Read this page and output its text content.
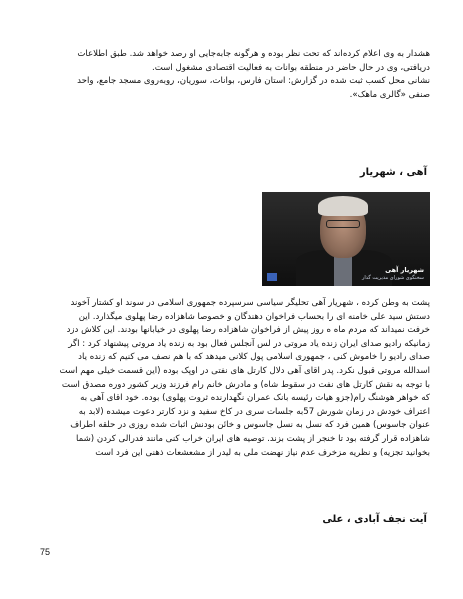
هشدار به وی اعلام کرده‌اند که تحت نظر بوده و هرگونه جابه‌جایی او رصد خواهد شد. طبق اطلاعات
دریافتی، وی در حال حاضر در منطقه بوانات به فعالیت اقتصادی مشغول است.
نشانی محل کسب ثبت شده در گزارش: استان فارس، بوانات، سوریان، روبه‌روی مسجد جامع، واحد
صنفی «گالری ماهک».
آهی ، شهریار
شهریار آهی
سخنگوی شورای مدیریت گذار
پشت به وطن کرده ، شهریار آهی تحلیگر سیاسی سرسپرده جمهوری اسلامی در سوند او کشتار آخوند
دستش سید علی خامنه ای را بحساب فراخوان دهندگان و خصوصا شاهزاده رضا پهلوی میگذارد. این
خرفت نمیداند که مردم ماه ه روز پیش از فراخوان شاهزاده رضا پهلوی در خیابانها بودند. این کلاش دزد
زمانیکه رادیو صدای ایران زنده یاد مروتی در لس آنجلس فعال بود به زنده یاد مروتی پیشنهاد کرد : اگر
صدای رادیو را خاموش کنی ، جمهوری اسلامی پول کلانی میدهد که با هم نصف می کنیم که زنده یاد
اسدالله مروتی قبول نکرد. پدر اقای آهی دلال کارتل های نفتی در اوپک بوده (این قسمت خیلی مهم است
با توجه به نقش کارتل های نفت در سقوط شاه) و مادرش خانم رام فرزند وزیر کشور دوره مصدق است
که خواهر هوشنگ رام(جزو هیات رئیسه بانک عمران نگهدارنده ثروت پهلوی) بوده. خود اقای آهی به
اعتراف خودش در زمان شورش 57به جلسات سری در کاخ سفید و نزد کارتر دعوت میشده (لابد به
عنوان جاسوس) همین فرد که نسل به نسل جاسوس و خائن بودنش اثبات شده روزی در حلقه اطراف
شاهزاده قرار گرفته بود تا خنجر از پشت بزند. توصیه های ایران خراب کنی مانند فدرالی کردن (شما
بخوانید تجزیه) و نظریه مزخرف عدم نیاز نهضت ملی به لیدر از مشعشعات ذهنی این فرد است
آیت نجف آبادی ، علی
75
